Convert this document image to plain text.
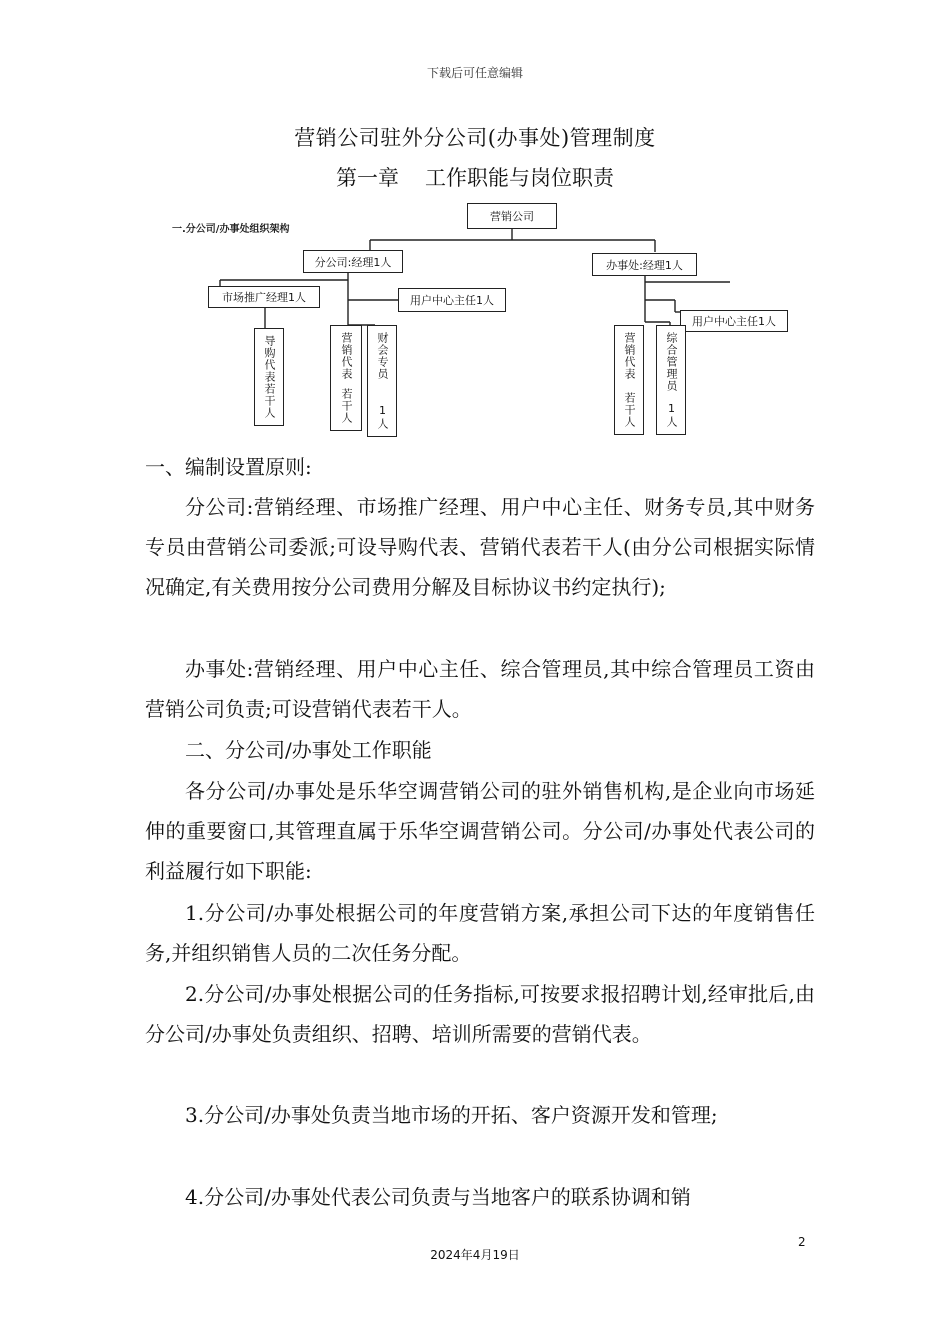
下载后可任意编辑
营销公司驻外分公司(办事处)管理制度
第一章 工作职能与岗位职责
一.分公司/办事处组织架构
营销公司
分公司:经理1人	办事处:经理1人
市场推广经理1人	用户中心主任1人
导购代表若干人	营销代表
若干人
财会专员
1人
用户中心主任1人
营销代表
若干人
综合管理员
1人
一、编制设置原则:
分公司:营销经理、市场推广经理、用户中心主任、财务专员,其中财务专员由营销公司委派;可设导购代表、营销代表若干人(由分公司根据实际情况确定,有关费用按分公司费用分解及目标协议书约定执行);
办事处:营销经理、用户中心主任、综合管理员,其中综合管理员工资由营销公司负责;可设营销代表若干人。
二、分公司/办事处工作职能
各分公司/办事处是乐华空调营销公司的驻外销售机构,是企业向市场延伸的重要窗口,其管理直属于乐华空调营销公司。分公司/办事处代表公司的利益履行如下职能:
1.分公司/办事处根据公司的年度营销方案,承担公司下达的年度销售任务,并组织销售人员的二次任务分配。
2.分公司/办事处根据公司的任务指标,可按要求报招聘计划,经审批后,由分公司/办事处负责组织、招聘、培训所需要的营销代表。
3.分公司/办事处负责当地市场的开拓、客户资源开发和管理;
4.分公司/办事处代表公司负责与当地客户的联系协调和销
2
2024年4月19日
